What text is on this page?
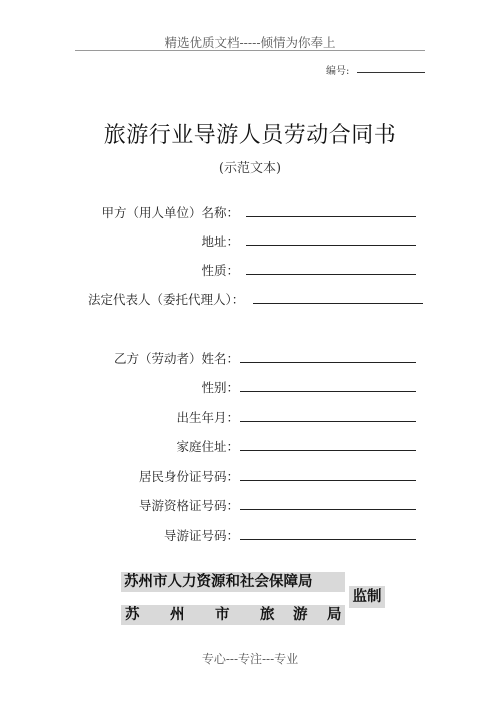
精选优质文档-----倾情为你奉上
编号:
旅游行业导游人员劳动合同书
(示范文本)
甲方（用人单位）名称：
地址：
性质：
法定代表人（委托代理人）：
乙方（劳动者）姓名：
性别：
出生年月：
家庭住址：
居民身份证号码：
导游资格证号码：
导游证号码：
苏州市人力资源和社会保障局
苏 州 市 旅 游 局
监制
专心---专注---专业
